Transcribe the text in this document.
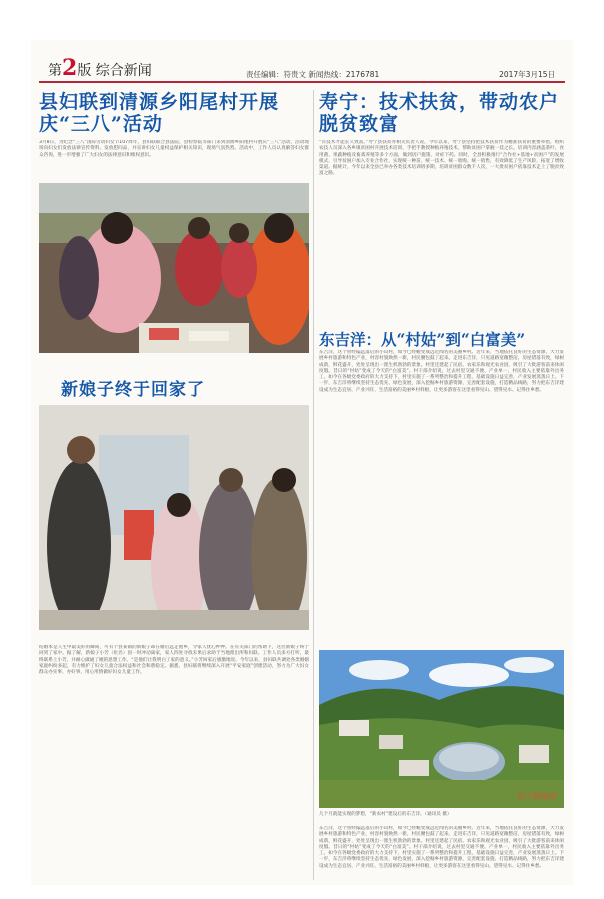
第2版 综合新闻	责任编辑：符贵文 新闻热线：2176781	2017年3月15日
县妇联到清源乡阳尾村开展庆“三八”活动
3月8日，为纪念“三八”国际劳动妇女节107周年，县妇联联合县法院、县检察院等部门来到清源乡阳尾村开展庆“三八”活动，活动现场向妇女们发放法律宣传资料、发放慰问品，并宣讲妇女儿童权益保护相关知识，现场气氛热烈。活动中，工作人员认真解答妇女群众咨询，进一步增强了广大妇女的法律意识和维权意识。
新娘子终于回家了
结婚本是人生中最美好的瞬间，可有个县某镇的新娘子却在婚后远走他乡，令家人忧心忡忡。在有关部门的帮助下，这位新娘子终于回到了家中。据了解，新娘子小芳（化名）因一时冲动离家，家人四处寻找未果后求助于当地派出所和妇联。工作人员多方打听，最终联系上小芳，并耐心做通了她的思想工作。“是他们让我明白了家的意义。”小芳回家后感激地说。今年以来，县妇联共调处各类婚姻家庭纠纷多起，有力维护了妇女儿童合法权益和社会和谐稳定。据悉，县妇联将继续深入开展“平安家庭”创建活动，努力为广大妇女群众办实事、办好事，用心用情做好妇女儿童工作。
寿宁：技术扶贫，带动农户脱贫致富
“有技术才能长久致富。”寿宁县扶贫办相关负责人说。今年以来，寿宁县坚持把技术扶贫作为精准扶贫的重要举措，组织农技人员深入各乡镇贫困村开展技术培训，手把手教授种植养殖技术，帮助贫困户掌握一技之长。培训内容涵盖茶叶、食用菌、果蔬种植及畜禽养殖等多个方面，做到因户施策、对症下药。同时，全县积极推行“合作社+基地+贫困户”的发展模式，引导贫困户加入专业合作社，实现统一种苗、统一技术、统一收购、统一销售，有效降低了生产风险，拓宽了增收渠道。据统计，今年以来全县已举办各类技术培训班多期，培训贫困群众数千人次，一大批贫困户依靠技术走上了脱贫致富之路。
东吉洋：从“村姑”到“白富美”
东吉洋，这个曾经偏远落后的小山村，如今已经蜕变成远近闻名的美丽乡村。近年来，当地依托良好的生态资源，大力发展乡村旅游和特色产业，村容村貌焕然一新，村民腰包鼓了起来。走进东吉洋，只见道路宽敞整洁，房屋错落有致，绿树成荫，鲜花盛开，处处呈现出一派生机勃勃的景象。村里还建起了民宿、农家乐和观光农业园，吸引了大批游客前来休闲度假。昔日的“村姑”变成了今天的“白富美”。村干部介绍说，过去村里交通不便、产业单一，村民收入主要依靠外出务工，如今在各级党委政府的大力支持下，村里实施了一系列整治和提升工程，基础设施日益完善，产业发展蒸蒸日上。下一步，东吉洋将继续坚持生态优先、绿色发展，深入挖掘乡村旅游资源，完善配套设施，打造精品线路，努力把东吉洋建设成为生态宜居、产业兴旺、生活富裕的美丽乡村样板，让更多游客在这里看得见山、望得见水、记得住乡愁。
寿宁新闻网
几个月就能实现的梦想，“新农村”建设后的东吉洋。（通讯员 摄）
东吉洋，这个曾经偏远落后的小山村，如今已经蜕变成远近闻名的美丽乡村。近年来，当地依托良好的生态资源，大力发展乡村旅游和特色产业，村容村貌焕然一新，村民腰包鼓了起来。走进东吉洋，只见道路宽敞整洁，房屋错落有致，绿树成荫，鲜花盛开，处处呈现出一派生机勃勃的景象。村里还建起了民宿、农家乐和观光农业园，吸引了大批游客前来休闲度假。昔日的“村姑”变成了今天的“白富美”。村干部介绍说，过去村里交通不便、产业单一，村民收入主要依靠外出务工，如今在各级党委政府的大力支持下，村里实施了一系列整治和提升工程，基础设施日益完善，产业发展蒸蒸日上。下一步，东吉洋将继续坚持生态优先、绿色发展，深入挖掘乡村旅游资源，完善配套设施，打造精品线路，努力把东吉洋建设成为生态宜居、产业兴旺、生活富裕的美丽乡村样板，让更多游客在这里看得见山、望得见水、记得住乡愁。
